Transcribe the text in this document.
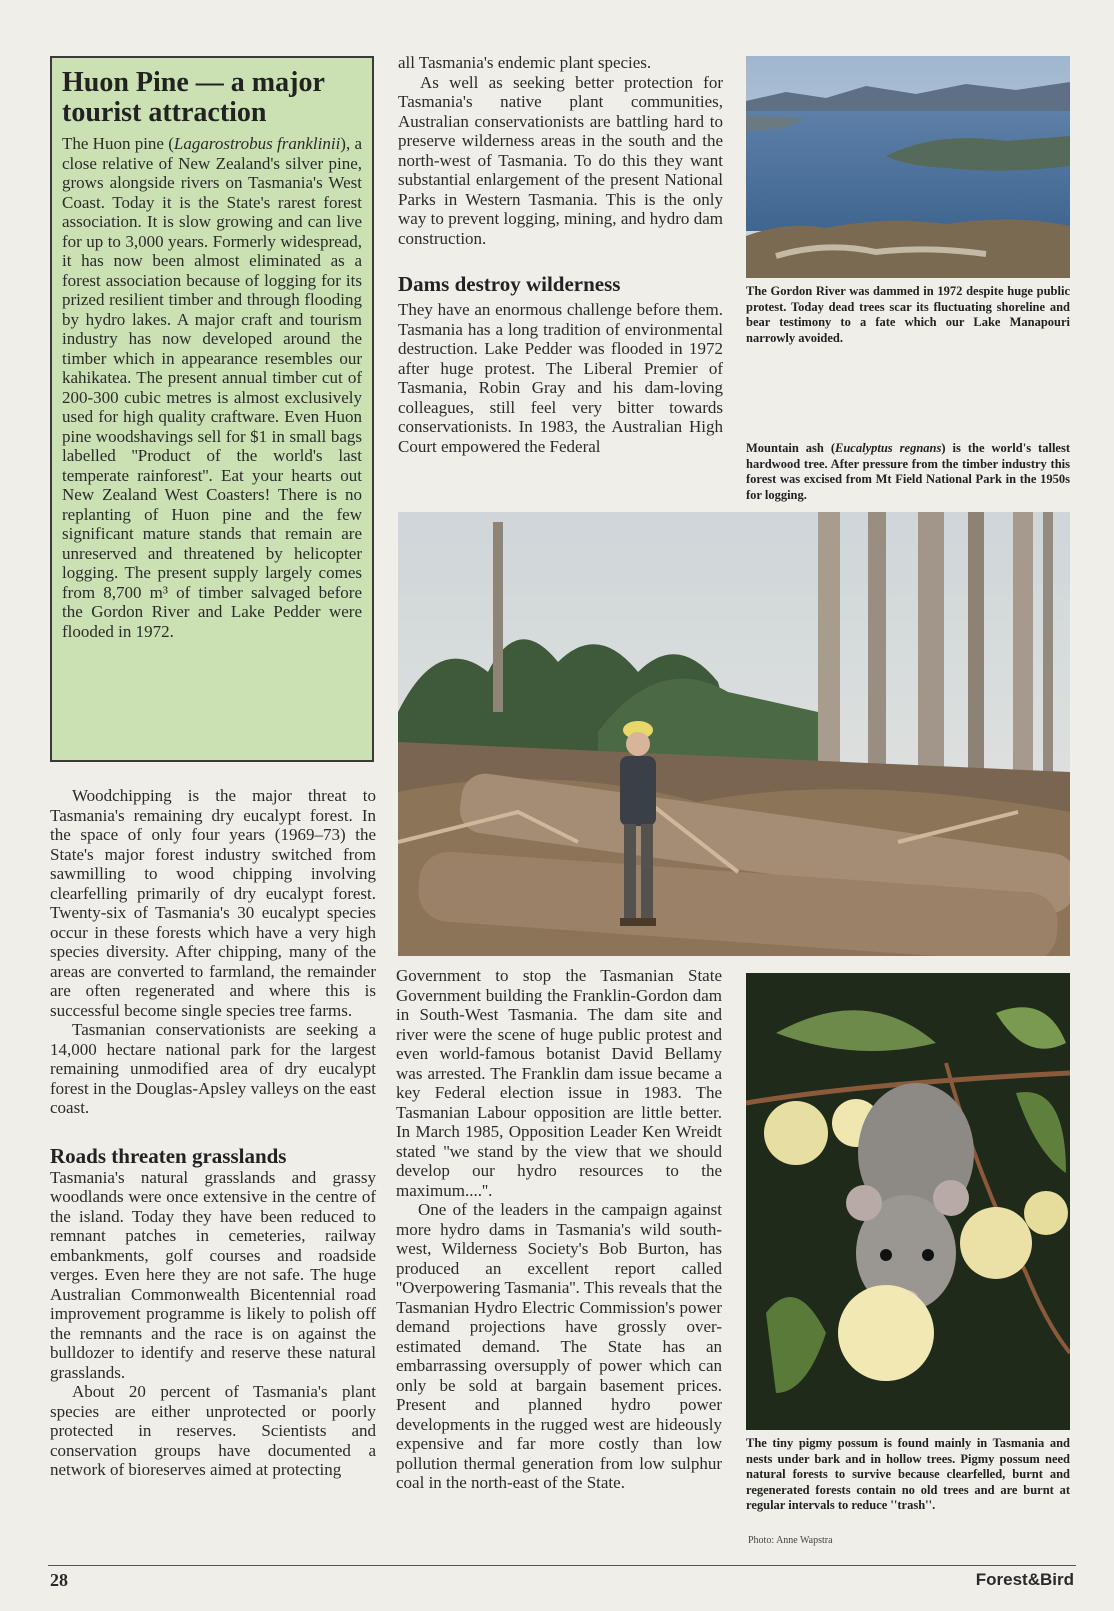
Huon Pine — a major tourist attraction

The Huon pine (Lagarostrobus franklinii), a close relative of New Zealand's silver pine, grows alongside rivers on Tasmania's West Coast. Today it is the State's rarest forest association. It is slow growing and can live for up to 3,000 years. Formerly widespread, it has now been almost eliminated as a forest association because of logging for its prized resilient timber and through flooding by hydro lakes. A major craft and tourism industry has now developed around the timber which in appearance resembles our kahikatea. The present annual timber cut of 200-300 cubic metres is almost exclusively used for high quality craftware. Even Huon pine woodshavings sell for $1 in small bags labelled ''Product of the world's last temperate rainforest''. Eat your hearts out New Zealand West Coasters! There is no replanting of Huon pine and the few significant mature stands that remain are unreserved and threatened by helicopter logging. The present supply largely comes from 8,700 m³ of timber salvaged before the Gordon River and Lake Pedder were flooded in 1972.

Woodchipping is the major threat to Tasmania's remaining dry eucalypt forest. In the space of only four years (1969–73) the State's major forest industry switched from sawmilling to wood chipping involving clearfelling primarily of dry eucalypt forest. Twenty-six of Tasmania's 30 eucalypt species occur in these forests which have a very high species diversity. After chipping, many of the areas are converted to farmland, the remainder are often regenerated and where this is successful become single species tree farms.

Tasmanian conservationists are seeking a 14,000 hectare national park for the largest remaining unmodified area of dry eucalypt forest in the Douglas-Apsley valleys on the east coast.

Roads threaten grasslands

Tasmania's natural grasslands and grassy woodlands were once extensive in the centre of the island. Today they have been reduced to remnant patches in cemeteries, railway embankments, golf courses and roadside verges. Even here they are not safe. The huge Australian Commonwealth Bicentennial road improvement programme is likely to polish off the remnants and the race is on against the bulldozer to identify and reserve these natural grasslands.

About 20 percent of Tasmania's plant species are either unprotected or poorly protected in reserves. Scientists and conservation groups have documented a network of bioreserves aimed at protecting

all Tasmania's endemic plant species.

As well as seeking better protection for Tasmania's native plant communities, Australian conservationists are battling hard to preserve wilderness areas in the south and the north-west of Tasmania. To do this they want substantial enlargement of the present National Parks in Western Tasmania. This is the only way to prevent logging, mining, and hydro dam construction.

Dams destroy wilderness

They have an enormous challenge before them. Tasmania has a long tradition of environmental destruction. Lake Pedder was flooded in 1972 after huge protest. The Liberal Premier of Tasmania, Robin Gray and his dam-loving colleagues, still feel very bitter towards conservationists. In 1983, the Australian High Court empowered the Federal

Government to stop the Tasmanian State Government building the Franklin-Gordon dam in South-West Tasmania. The dam site and river were the scene of huge public protest and even world-famous botanist David Bellamy was arrested. The Franklin dam issue became a key Federal election issue in 1983. The Tasmanian Labour opposition are little better. In March 1985, Opposition Leader Ken Wreidt stated ''we stand by the view that we should develop our hydro resources to the maximum....''.

One of the leaders in the campaign against more hydro dams in Tasmania's wild south-west, Wilderness Society's Bob Burton, has produced an excellent report called ''Overpowering Tasmania''. This reveals that the Tasmanian Hydro Electric Commission's power demand projections have grossly over-estimated demand. The State has an embarrassing oversupply of power which can only be sold at bargain basement prices. Present and planned hydro power developments in the rugged west are hideously expensive and far more costly than low pollution thermal generation from low sulphur coal in the north-east of the State.

The Gordon River was dammed in 1972 despite huge public protest. Today dead trees scar its fluctuating shoreline and bear testimony to a fate which our Lake Manapouri narrowly avoided.
Mountain ash (Eucalyptus regnans) is the world's tallest hardwood tree. After pressure from the timber industry this forest was excised from Mt Field National Park in the 1950s for logging.
The tiny pigmy possum is found mainly in Tasmania and nests under bark and in hollow trees. Pigmy possum need natural forests to survive because clearfelled, burnt and regenerated forests contain no old trees and are burnt at regular intervals to reduce ''trash''.
Photo: Anne Wapstra
28	Forest&Bird
